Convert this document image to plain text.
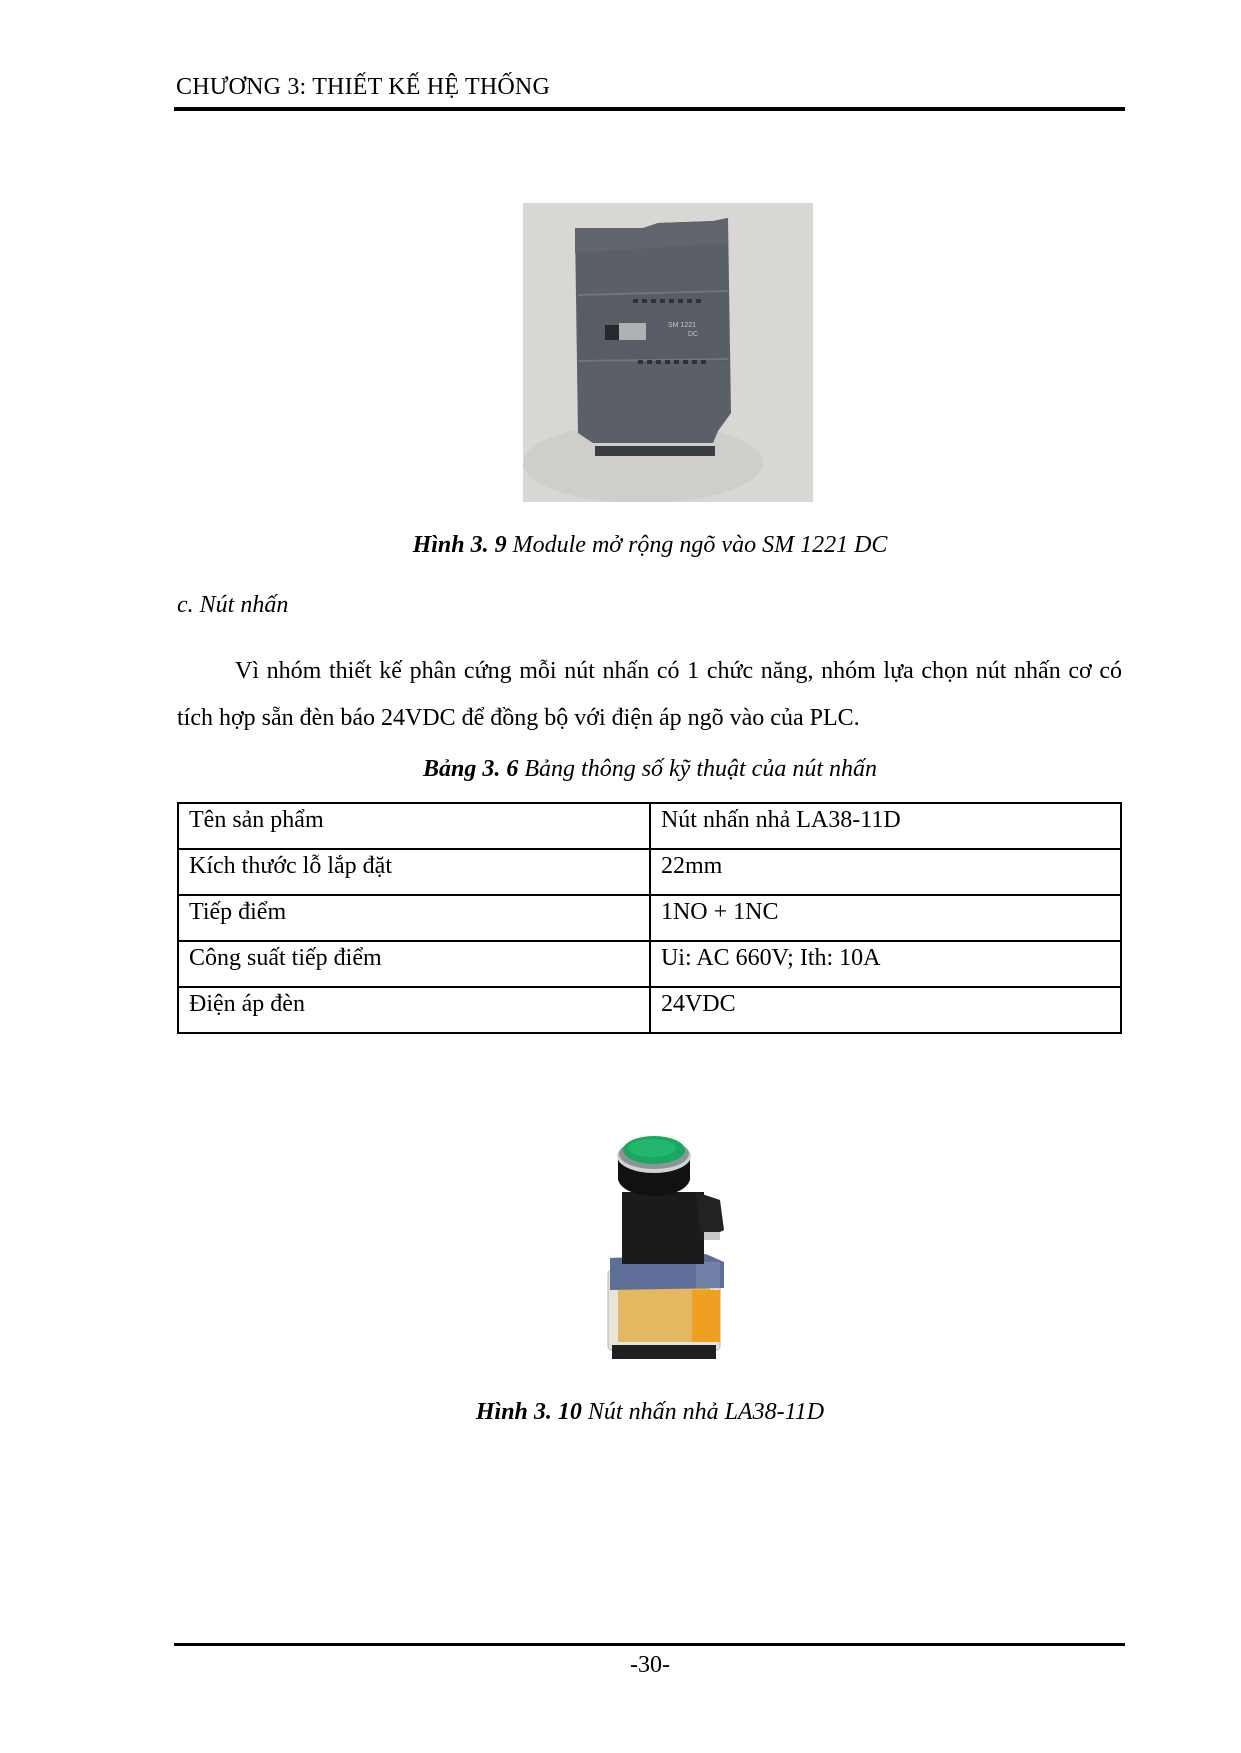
CHƯƠNG 3: THIẾT KẾ HỆ THỐNG
SM 1221
DC
Hình 3. 9 Module mở rộng ngõ vào SM 1221 DC
c. Nút nhấn
Vì nhóm thiết kế phân cứng mỗi nút nhấn có 1 chức năng, nhóm lựa chọn nút nhấn cơ có tích hợp sẵn đèn báo 24VDC để đồng bộ với điện áp ngõ vào của PLC.
Bảng 3. 6 Bảng thông số kỹ thuật của nút nhấn
Tên sản phẩm	Nút nhấn nhả LA38-11D
Kích thước lỗ lắp đặt	22mm
Tiếp điểm	1NO + 1NC
Công suất tiếp điểm	Ui: AC 660V; Ith: 10A
Điện áp đèn	24VDC
Hình 3. 10 Nút nhấn nhả LA38-11D
-30-
